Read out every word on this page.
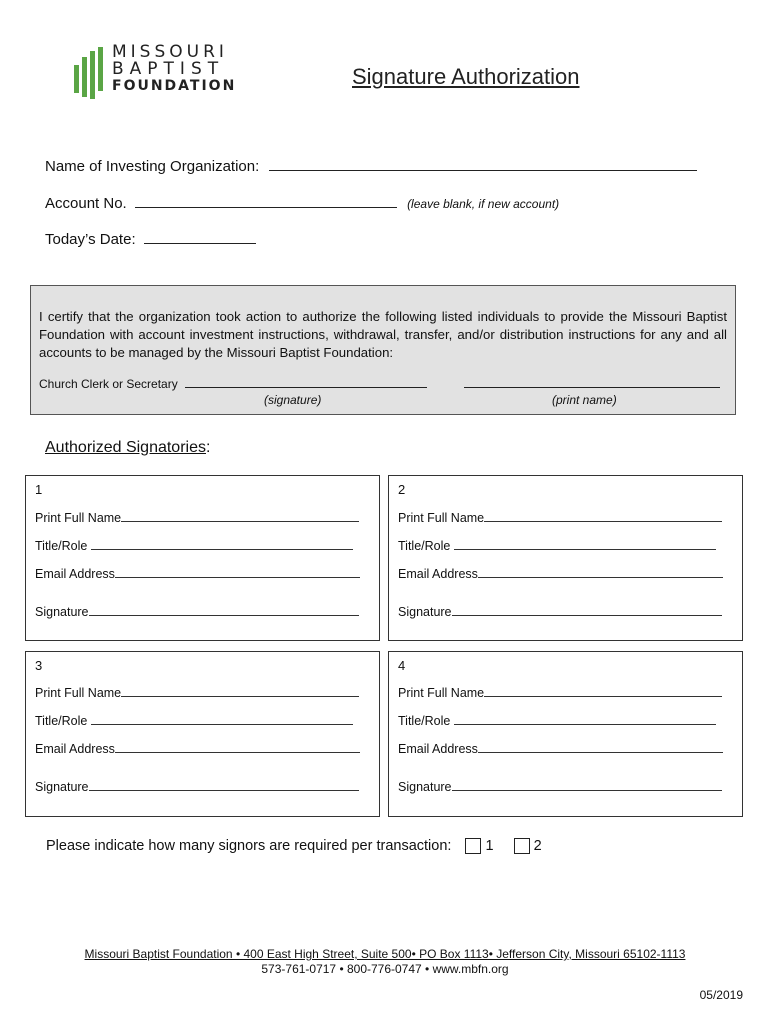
MISSOURI
BAPTIST
FOUNDATION	Signature Authorization
Name of Investing Organization:
Account No.	(leave blank, if new account)
Today’s Date:

I certify that the organization took action to authorize the following listed individuals to provide the Missouri Baptist Foundation with account investment instructions, withdrawal, transfer, and/or distribution instructions for any and all accounts to be managed by the Missouri Baptist Foundation:

Church Clerk or Secretary
(signature)	(print name)
Authorized Signatories:
1
Print Full Name
Title/Role
Email Address
Signature
2
Print Full Name
Title/Role
Email Address
Signature
3
Print Full Name
Title/Role
Email Address
Signature
4
Print Full Name
Title/Role
Email Address
Signature
Please indicate how many signors are required per transaction: 1	2
Missouri Baptist Foundation • 400 East High Street, Suite 500• PO Box 1113• Jefferson City, Missouri 65102-1113
573-761-0717 • 800-776-0747 • www.mbfn.org
05/2019
